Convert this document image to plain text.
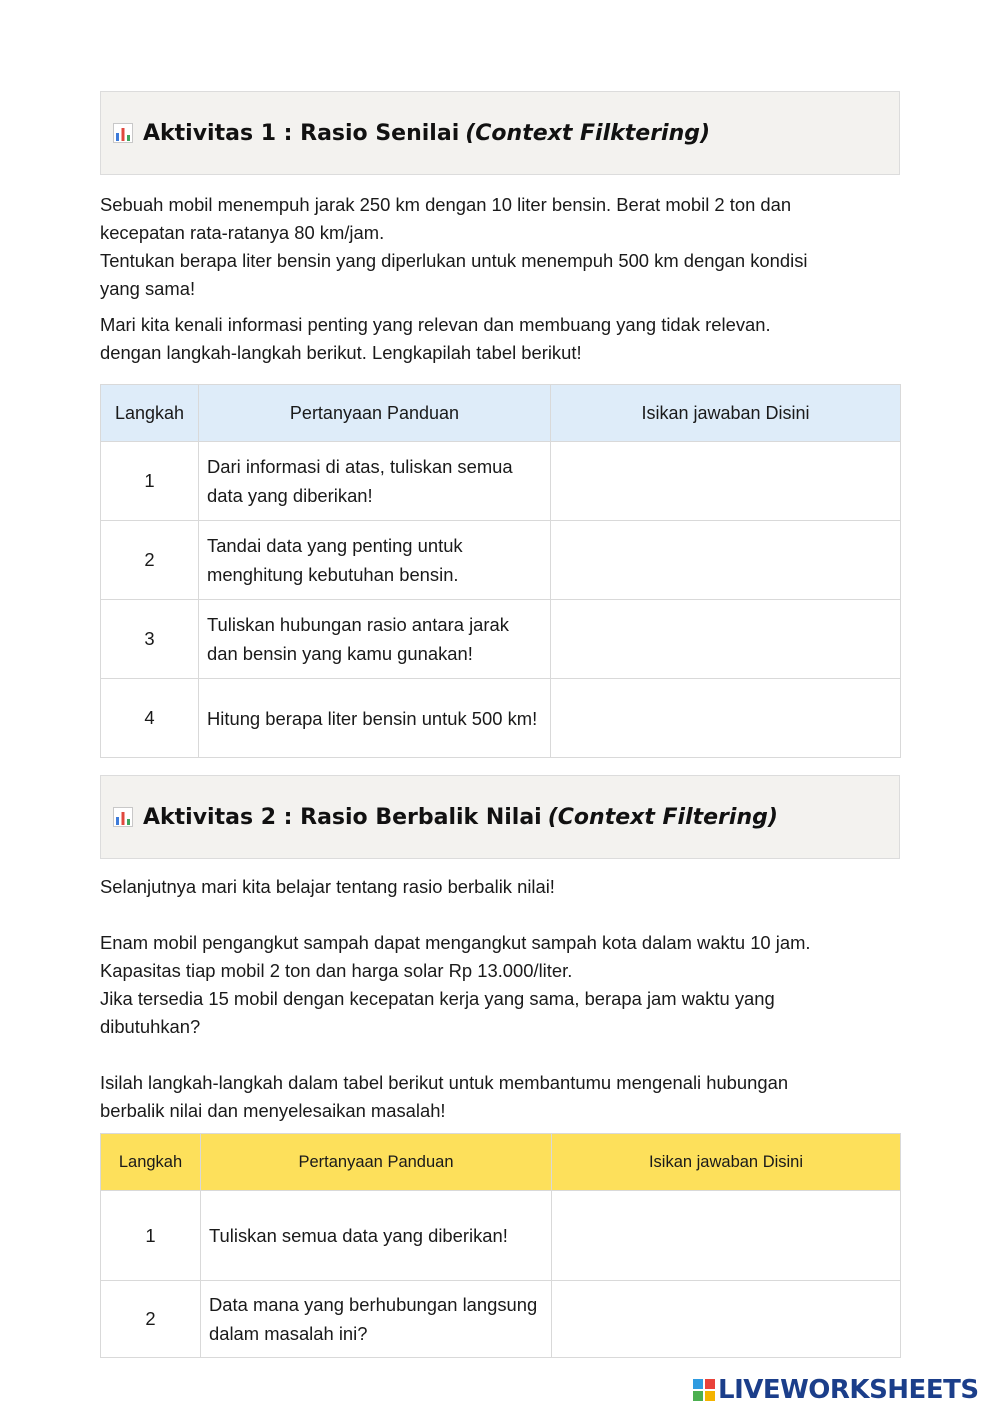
Aktivitas 1 : Rasio Senilai (Context Filktering)

Sebuah mobil menempuh jarak 250 km dengan 10 liter bensin. Berat mobil 2 ton dan
kecepatan rata-ratanya 80 km/jam.
Tentukan berapa liter bensin yang diperlukan untuk menempuh 500 km dengan kondisi
yang sama!

Mari kita kenali informasi penting yang relevan dan membuang yang tidak relevan.
dengan langkah-langkah berikut. Lengkapilah tabel berikut!

Langkah	Pertanyaan Panduan	Isikan jawaban Disini
1	Dari informasi di atas, tuliskan semua data yang diberikan!	
2	Tandai data yang penting untuk menghitung kebutuhan bensin.	
3	Tuliskan hubungan rasio antara jarak dan bensin yang kamu gunakan!	
4	Hitung berapa liter bensin untuk 500 km!	
Aktivitas 2 : Rasio Berbalik Nilai (Context Filtering)

Selanjutnya mari kita belajar tentang rasio berbalik nilai!

Enam mobil pengangkut sampah dapat mengangkut sampah kota dalam waktu 10 jam.
Kapasitas tiap mobil 2 ton dan harga solar Rp 13.000/liter.
Jika tersedia 15 mobil dengan kecepatan kerja yang sama, berapa jam waktu yang
dibutuhkan?

Isilah langkah-langkah dalam tabel berikut untuk membantumu mengenali hubungan
berbalik nilai dan menyelesaikan masalah!

Langkah	Pertanyaan Panduan	Isikan jawaban Disini
1	Tuliskan semua data yang diberikan!	
2	Data mana yang berhubungan langsung dalam masalah ini?	
LIVEWORKSHEETS
